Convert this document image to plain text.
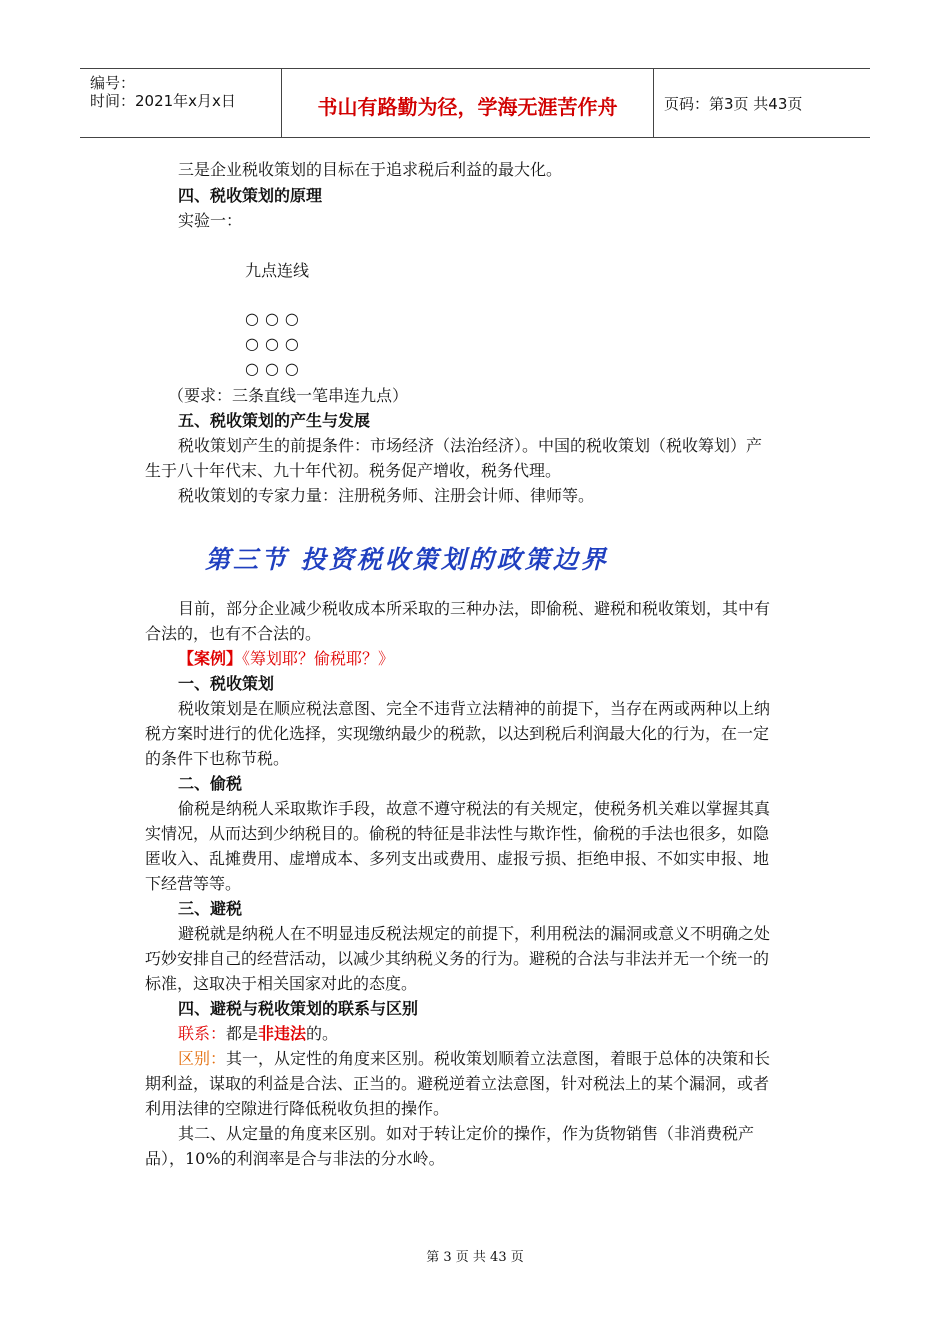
编号：
时间：2021年x月x日	书山有路勤为径，学海无涯苦作舟	页码：第3页 共43页
三是企业税收策划的目标在于追求税后利益的最大化。
四、税收策划的原理
实验一：
九点连线
○○○
○○○
○○○
（要求：三条直线一笔串连九点）
五、税收策划的产生与发展
税收策划产生的前提条件：市场经济（法治经济）。中国的税收策划（税收筹划）产
生于八十年代末、九十年代初。税务促产增收，税务代理。
税收策划的专家力量：注册税务师、注册会计师、律师等。
第三节 投资税收策划的政策边界
目前，部分企业减少税收成本所采取的三种办法，即偷税、避税和税收策划，其中有
合法的，也有不合法的。
【案例】《筹划耶？偷税耶？》
一、税收策划
税收策划是在顺应税法意图、完全不违背立法精神的前提下，当存在两或两种以上纳
税方案时进行的优化选择，实现缴纳最少的税款，以达到税后利润最大化的行为，在一定
的条件下也称节税。
二、偷税
偷税是纳税人采取欺诈手段，故意不遵守税法的有关规定，使税务机关难以掌握其真
实情况，从而达到少纳税目的。偷税的特征是非法性与欺诈性，偷税的手法也很多，如隐
匿收入、乱摊费用、虚增成本、多列支出或费用、虚报亏损、拒绝申报、不如实申报、地
下经营等等。
三、避税
避税就是纳税人在不明显违反税法规定的前提下，利用税法的漏洞或意义不明确之处
巧妙安排自己的经营活动，以减少其纳税义务的行为。避税的合法与非法并无一个统一的
标准，这取决于相关国家对此的态度。
四、避税与税收策划的联系与区别
联系：都是非违法的。
区别：其一，从定性的角度来区别。税收策划顺着立法意图，着眼于总体的决策和长
期利益，谋取的利益是合法、正当的。避税逆着立法意图，针对税法上的某个漏洞，或者
利用法律的空隙进行降低税收负担的操作。
其二、从定量的角度来区别。如对于转让定价的操作，作为货物销售（非消费税产
品），10%的利润率是合与非法的分水岭。
第 3 页 共 43 页
